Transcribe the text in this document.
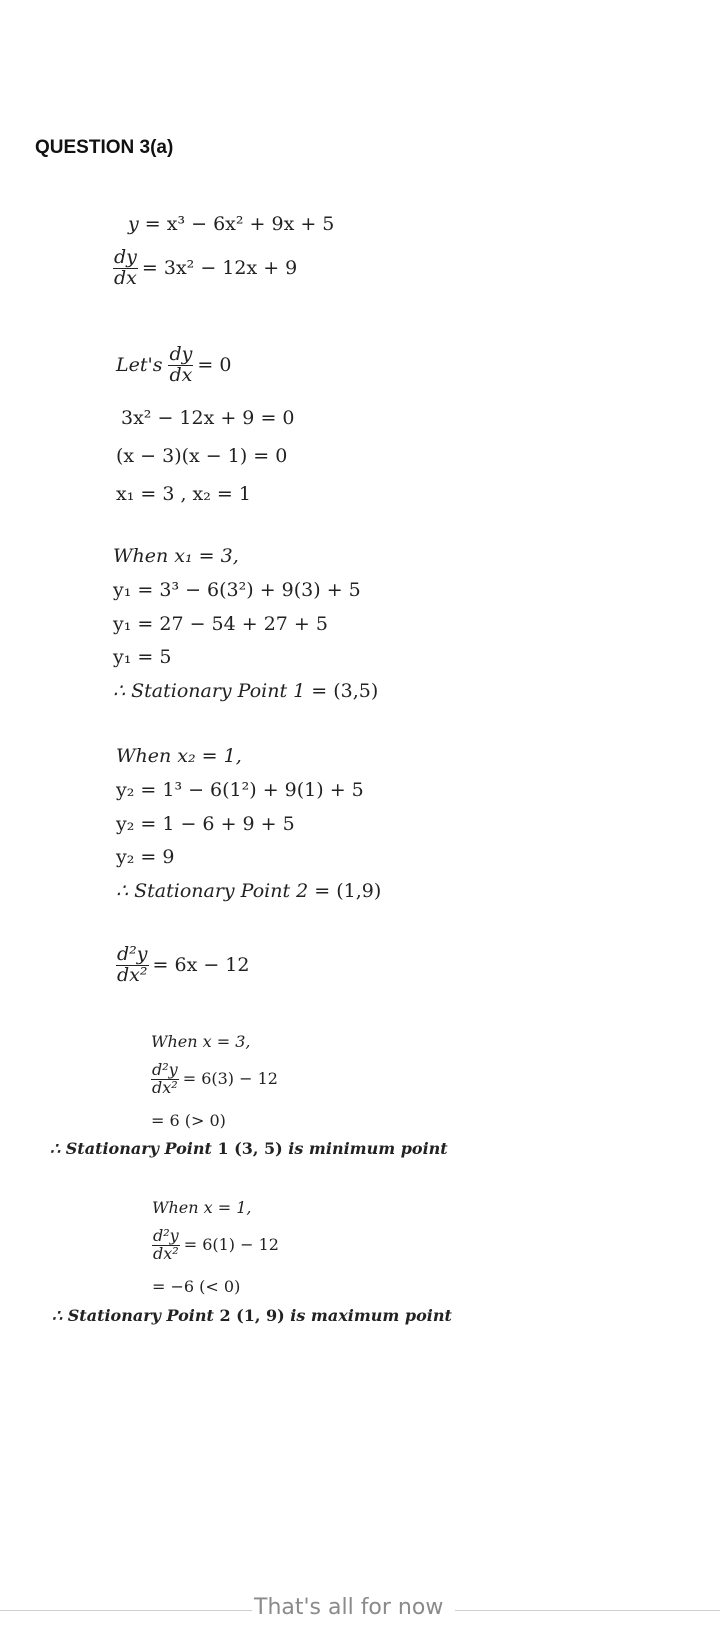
QUESTION 3(a)
y = x³ − 6x² + 9x + 5
$\frac{dy}{dx} = 3x^2 - 12x + 9$
$Let's \frac{dy}{dx} = 0$
3x² − 12x + 9 = 0
(x − 3)(x − 1) = 0
x₁ = 3 , x₂ = 1
When x₁ = 3,
y₁ = 3³ − 6(3²) + 9(3) + 5
y₁ = 27 − 54 + 27 + 5
y₁ = 5
∴ Stationary Point 1 = (3,5)
When x₂ = 1,
y₂ = 1³ − 6(1²) + 9(1) + 5
y₂ = 1 − 6 + 9 + 5
y₂ = 9
∴ Stationary Point 2 = (1,9)
$\frac{\text{d²y}}{\text{dx²}} = 6x - 12$
When x = 3,
$\frac{\text{d²y}}{\text{dx²}} = 6(3) - 12$
= 6 (> 0)
∴ Stationary Point 1 (3, 5) is minimum point
When x = 1,
$\frac{\text{d²y}}{\text{dx²}} = 6(1) - 12$
= −6 (< 0)
∴ Stationary Point 2 (1, 9) is maximum point
That's all for now
